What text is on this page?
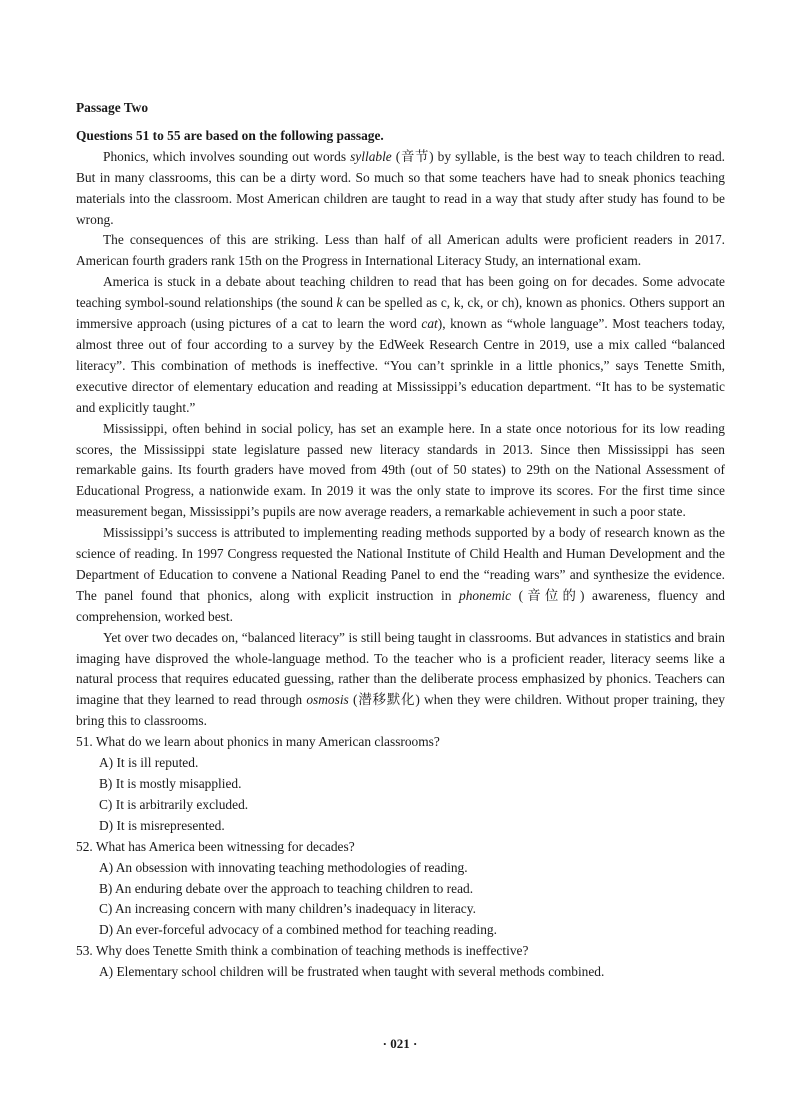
Passage Two

Questions 51 to 55 are based on the following passage.

Phonics, which involves sounding out words syllable (音节) by syllable, is the best way to teach children to read. But in many classrooms, this can be a dirty word. So much so that some teachers have had to sneak phonics teaching materials into the classroom. Most American children are taught to read in a way that study after study has found to be wrong.

The consequences of this are striking. Less than half of all American adults were proficient readers in 2017. American fourth graders rank 15th on the Progress in International Literacy Study, an international exam.

America is stuck in a debate about teaching children to read that has been going on for decades. Some advocate teaching symbol-sound relationships (the sound k can be spelled as c, k, ck, or ch), known as phonics. Others support an immersive approach (using pictures of a cat to learn the word cat), known as “whole language”. Most teachers today, almost three out of four according to a survey by the EdWeek Research Centre in 2019, use a mix called “balanced literacy”. This combination of methods is ineffective. “You can’t sprinkle in a little phonics,” says Tenette Smith, executive director of elementary education and reading at Mississippi’s education department. “It has to be systematic and explicitly taught.”

Mississippi, often behind in social policy, has set an example here. In a state once notorious for its low reading scores, the Mississippi state legislature passed new literacy standards in 2013. Since then Mississippi has seen remarkable gains. Its fourth graders have moved from 49th (out of 50 states) to 29th on the National Assessment of Educational Progress, a nationwide exam. In 2019 it was the only state to improve its scores. For the first time since measurement began, Mississippi’s pupils are now average readers, a remarkable achievement in such a poor state.

Mississippi’s success is attributed to implementing reading methods supported by a body of research known as the science of reading. In 1997 Congress requested the National Institute of Child Health and Human Development and the Department of Education to convene a National Reading Panel to end the “reading wars” and synthesize the evidence. The panel found that phonics, along with explicit instruction in phonemic (音位的) awareness, fluency and comprehension, worked best.

Yet over two decades on, “balanced literacy” is still being taught in classrooms. But advances in statistics and brain imaging have disproved the whole-language method. To the teacher who is a proficient reader, literacy seems like a natural process that requires educated guessing, rather than the deliberate process emphasized by phonics. Teachers can imagine that they learned to read through osmosis (潜移默化) when they were children. Without proper training, they bring this to classrooms.

51. What do we learn about phonics in many American classrooms?

A) It is ill reputed.

B) It is mostly misapplied.

C) It is arbitrarily excluded.

D) It is misrepresented.

52. What has America been witnessing for decades?

A) An obsession with innovating teaching methodologies of reading.

B) An enduring debate over the approach to teaching children to read.

C) An increasing concern with many children’s inadequacy in literacy.

D) An ever-forceful advocacy of a combined method for teaching reading.

53. Why does Tenette Smith think a combination of teaching methods is ineffective?

A) Elementary school children will be frustrated when taught with several methods combined.

· 021 ·
